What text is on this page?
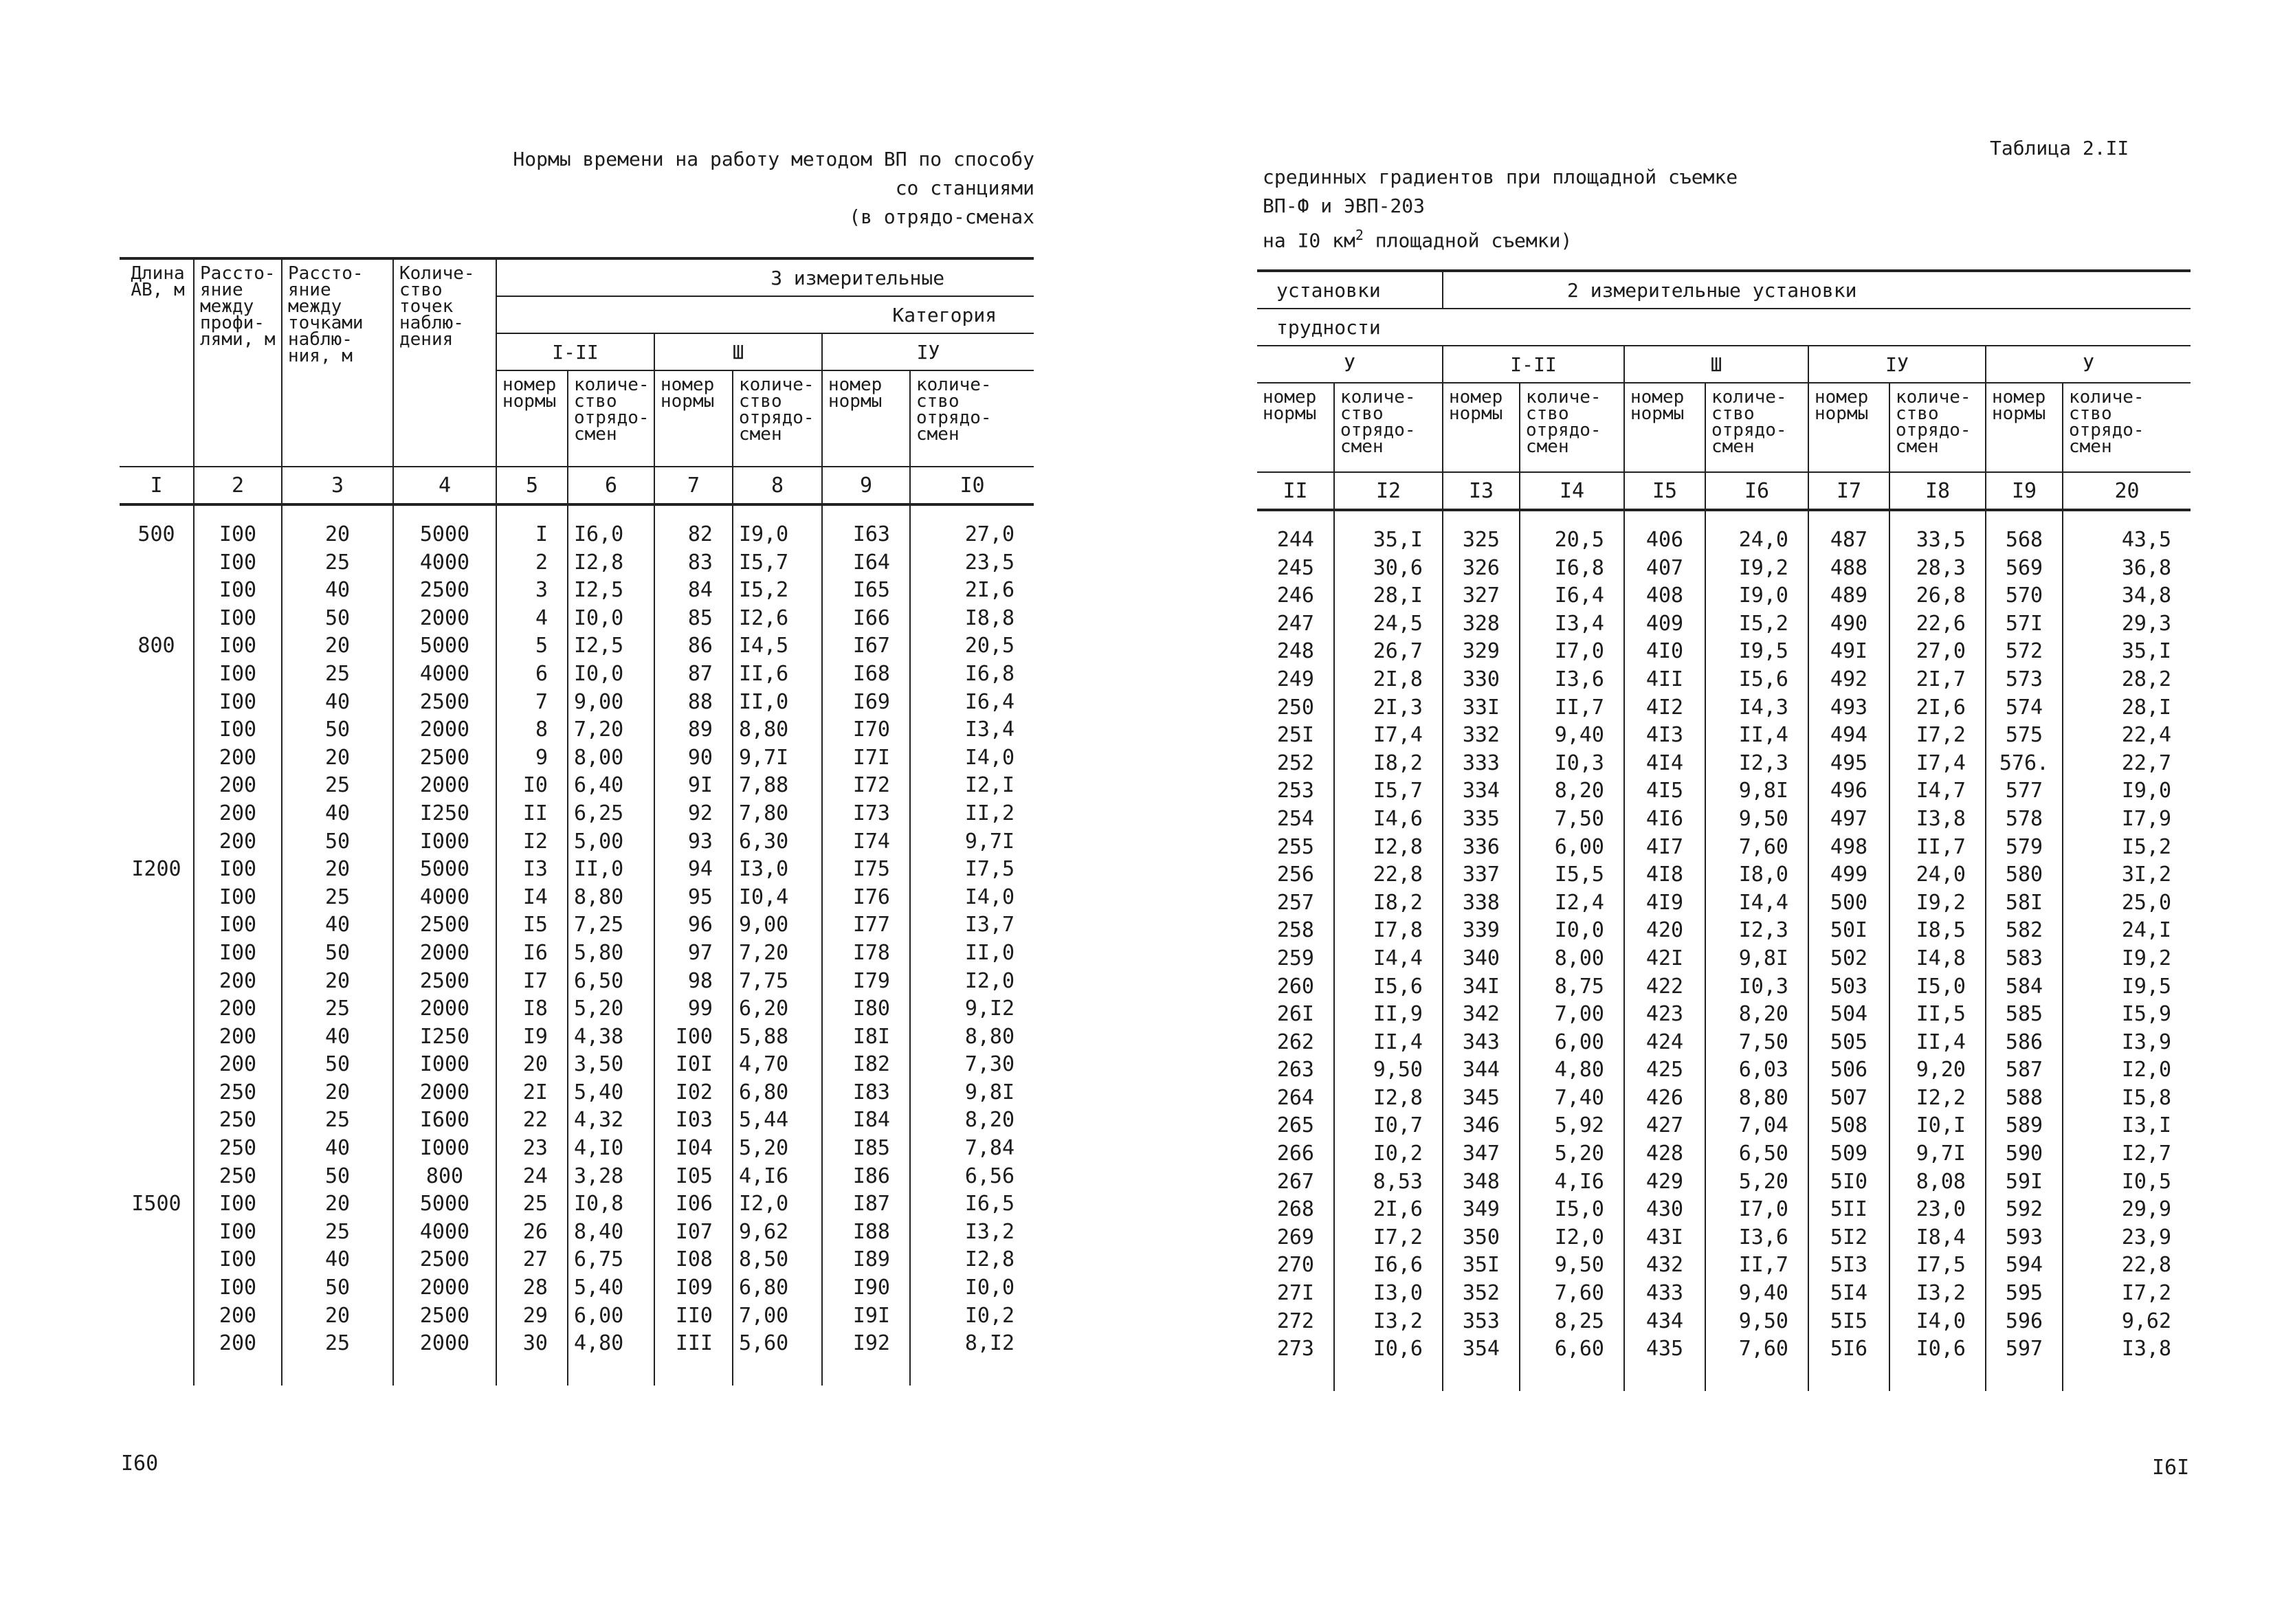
Нормы времени на работу методом ВП по способу
со станциями
(в отрядо-сменах
Длина АВ, м	Рассто- яние между профи- лями, м	Рассто- яние между точками наблю- ния, м	Количе- ство точек наблю- дения	3 измерительные					
				Категория					
				I-II		Ш		IУ	
				номер нормы	количе- ство отрядо- смен	номер нормы	количе- ство отрядо- смен	номер нормы	количе- ство отрядо- смен
I	2	3	4	5	6	7	8	9	I0

500	I00	20	5000	I	I6,0	82	I9,0	I63	27,0
	I00	25	4000	2	I2,8	83	I5,7	I64	23,5
	I00	40	2500	3	I2,5	84	I5,2	I65	2I,6
	I00	50	2000	4	I0,0	85	I2,6	I66	I8,8
800	I00	20	5000	5	I2,5	86	I4,5	I67	20,5
	I00	25	4000	6	I0,0	87	II,6	I68	I6,8
	I00	40	2500	7	9,00	88	II,0	I69	I6,4
	I00	50	2000	8	7,20	89	8,80	I70	I3,4
	200	20	2500	9	8,00	90	9,7I	I7I	I4,0
	200	25	2000	I0	6,40	9I	7,88	I72	I2,I
	200	40	I250	II	6,25	92	7,80	I73	II,2
	200	50	I000	I2	5,00	93	6,30	I74	9,7I
I200	I00	20	5000	I3	II,0	94	I3,0	I75	I7,5
	I00	25	4000	I4	8,80	95	I0,4	I76	I4,0
	I00	40	2500	I5	7,25	96	9,00	I77	I3,7
	I00	50	2000	I6	5,80	97	7,20	I78	II,0
	200	20	2500	I7	6,50	98	7,75	I79	I2,0
	200	25	2000	I8	5,20	99	6,20	I80	9,I2
	200	40	I250	I9	4,38	I00	5,88	I8I	8,80
	200	50	I000	20	3,50	I0I	4,70	I82	7,30
	250	20	2000	2I	5,40	I02	6,80	I83	9,8I
	250	25	I600	22	4,32	I03	5,44	I84	8,20
	250	40	I000	23	4,I0	I04	5,20	I85	7,84
	250	50	800	24	3,28	I05	4,I6	I86	6,56
I500	I00	20	5000	25	I0,8	I06	I2,0	I87	I6,5
	I00	25	4000	26	8,40	I07	9,62	I88	I3,2
	I00	40	2500	27	6,75	I08	8,50	I89	I2,8
	I00	50	2000	28	5,40	I09	6,80	I90	I0,0
	200	20	2500	29	6,00	II0	7,00	I9I	I0,2
	200	25	2000	30	4,80	III	5,60	I92	8,I2

I60
Таблица 2.II
срединных градиентов при площадной съемке
ВП-Ф и ЭВП-203
на I0 $км^2$ площадной съемки)
установки		2 измерительные установки							
трудности									
У		I-II		Ш		IУ		У	
номер нормы	количе- ство отрядо- смен	номер нормы	количе- ство отрядо- смен	номер нормы	количе- ство отрядо- смен	номер нормы	количе- ство отрядо- смен	номер нормы	количе- ство отрядо- смен
II	I2	I3	I4	I5	I6	I7	I8	I9	20

244	35,I	325	20,5	406	24,0	487	33,5	568	43,5
245	30,6	326	I6,8	407	I9,2	488	28,3	569	36,8
246	28,I	327	I6,4	408	I9,0	489	26,8	570	34,8
247	24,5	328	I3,4	409	I5,2	490	22,6	57I	29,3
248	26,7	329	I7,0	4I0	I9,5	49I	27,0	572	35,I
249	2I,8	330	I3,6	4II	I5,6	492	2I,7	573	28,2
250	2I,3	33I	II,7	4I2	I4,3	493	2I,6	574	28,I
25I	I7,4	332	9,40	4I3	II,4	494	I7,2	575	22,4
252	I8,2	333	I0,3	4I4	I2,3	495	I7,4	576.	22,7
253	I5,7	334	8,20	4I5	9,8I	496	I4,7	577	I9,0
254	I4,6	335	7,50	4I6	9,50	497	I3,8	578	I7,9
255	I2,8	336	6,00	4I7	7,60	498	II,7	579	I5,2
256	22,8	337	I5,5	4I8	I8,0	499	24,0	580	3I,2
257	I8,2	338	I2,4	4I9	I4,4	500	I9,2	58I	25,0
258	I7,8	339	I0,0	420	I2,3	50I	I8,5	582	24,I
259	I4,4	340	8,00	42I	9,8I	502	I4,8	583	I9,2
260	I5,6	34I	8,75	422	I0,3	503	I5,0	584	I9,5
26I	II,9	342	7,00	423	8,20	504	II,5	585	I5,9
262	II,4	343	6,00	424	7,50	505	II,4	586	I3,9
263	9,50	344	4,80	425	6,03	506	9,20	587	I2,0
264	I2,8	345	7,40	426	8,80	507	I2,2	588	I5,8
265	I0,7	346	5,92	427	7,04	508	I0,I	589	I3,I
266	I0,2	347	5,20	428	6,50	509	9,7I	590	I2,7
267	8,53	348	4,I6	429	5,20	5I0	8,08	59I	I0,5
268	2I,6	349	I5,0	430	I7,0	5II	23,0	592	29,9
269	I7,2	350	I2,0	43I	I3,6	5I2	I8,4	593	23,9
270	I6,6	35I	9,50	432	II,7	5I3	I7,5	594	22,8
27I	I3,0	352	7,60	433	9,40	5I4	I3,2	595	I7,2
272	I3,2	353	8,25	434	9,50	5I5	I4,0	596	9,62
273	I0,6	354	6,60	435	7,60	5I6	I0,6	597	I3,8

I6I
